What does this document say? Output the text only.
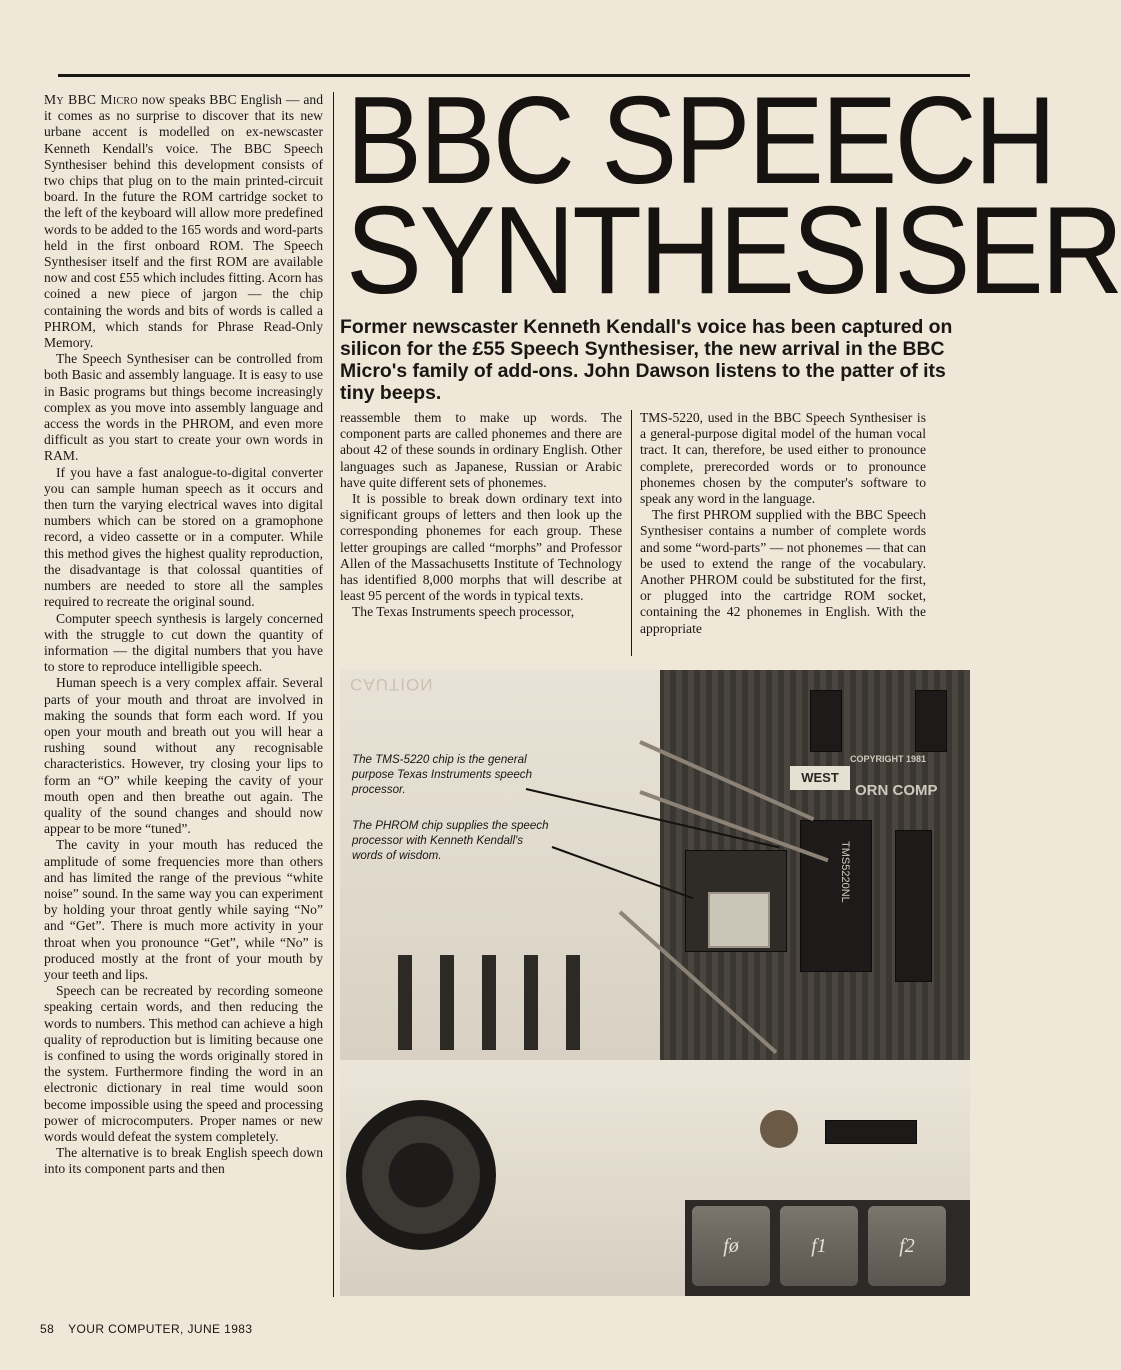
My BBC Micro now speaks BBC English — and it comes as no surprise to discover that its new urbane accent is modelled on ex-newscaster Kenneth Kendall's voice. The BBC Speech Synthesiser behind this development consists of two chips that plug on to the main printed-circuit board. In the future the ROM cartridge socket to the left of the keyboard will allow more predefined words to be added to the 165 words and word-parts held in the first onboard ROM. The Speech Synthesiser itself and the first ROM are available now and cost £55 which includes fitting. Acorn has coined a new piece of jargon — the chip containing the words and bits of words is called a PHROM, which stands for Phrase Read-Only Memory.

The Speech Synthesiser can be controlled from both Basic and assembly language. It is easy to use in Basic programs but things become increasingly complex as you move into assembly language and access the words in the PHROM, and even more difficult as you start to create your own words in RAM.

If you have a fast analogue-to-digital converter you can sample human speech as it occurs and then turn the varying electrical waves into digital numbers which can be stored on a gramophone record, a video cassette or in a computer. While this method gives the highest quality reproduction, the disadvantage is that colossal quantities of numbers are needed to store all the samples required to recreate the original sound.

Computer speech synthesis is largely concerned with the struggle to cut down the quantity of information — the digital numbers that you have to store to reproduce intelligible speech.

Human speech is a very complex affair. Several parts of your mouth and throat are involved in making the sounds that form each word. If you open your mouth and breath out you will hear a rushing sound without any recognisable characteristics. However, try closing your lips to form an “O” while keeping the cavity of your mouth open and then breathe out again. The quality of the sound changes and should now appear to be more “tuned”.

The cavity in your mouth has reduced the amplitude of some frequencies more than others and has limited the range of the previous “white noise” sound. In the same way you can experiment by holding your throat gently while saying “No” and “Get”. There is much more activity in your throat when you pronounce “Get”, while “No” is produced mostly at the front of your mouth by your teeth and lips.

Speech can be recreated by recording someone speaking certain words, and then reducing the words to numbers. This method can achieve a high quality of reproduction but is limiting because one is confined to using the words originally stored in the system. Furthermore finding the word in an electronic dictionary in real time would soon become impossible using the speed and processing power of microcomputers. Proper names or new words would defeat the system completely.

The alternative is to break English speech down into its component parts and then

BBC SPEECH
SYNTHESISER
Former newscaster Kenneth Kendall's voice has been captured on silicon for the £55 Speech Synthesiser, the new arrival in the BBC Micro's family of add-ons. John Dawson listens to the patter of its tiny beeps.

reassemble them to make up words. The component parts are called phonemes and there are about 42 of these sounds in ordinary English. Other languages such as Japanese, Russian or Arabic have quite different sets of phonemes.

It is possible to break down ordinary text into significant groups of letters and then look up the corresponding phonemes for each group. These letter groupings are called “morphs” and Professor Allen of the Massachusetts Institute of Technology has identified 8,000 morphs that will describe at least 95 percent of the words in typical texts.

The Texas Instruments speech processor,

TMS-5220, used in the BBC Speech Synthesiser is a general-purpose digital model of the human vocal tract. It can, therefore, be used either to pronounce complete, prerecorded words or to pronounce phonemes chosen by the computer's software to speak any word in the language.

The first PHROM supplied with the BBC Speech Synthesiser contains a number of complete words and some “word-parts” — not phonemes — that can be used to extend the range of the vocabulary. Another PHROM could be substituted for the first, or plugged into the cartridge ROM socket, containing the 42 phonemes in English. With the appropriate

CAUTION
TMS5220NL
WEST
COPYRIGHT 1981
ORN COMP
fø	f1	f2
The TMS-5220 chip is the general purpose Texas Instruments speech processor.
The PHROM chip supplies the speech processor with Kenneth Kendall's words of wisdom.
58 YOUR COMPUTER, JUNE 1983
